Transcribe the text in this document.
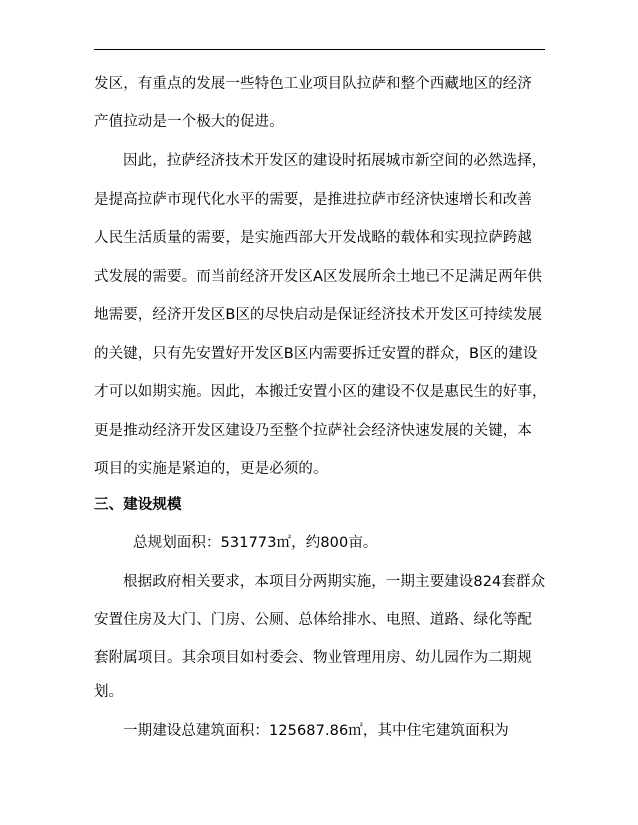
发区，有重点的发展一些特色工业项目队拉萨和整个西藏地区的经济
产值拉动是一个极大的促进。
因此，拉萨经济技术开发区的建设时拓展城市新空间的必然选择，
是提高拉萨市现代化水平的需要，是推进拉萨市经济快速增长和改善
人民生活质量的需要，是实施西部大开发战略的载体和实现拉萨跨越
式发展的需要。而当前经济开发区A区发展所余土地已不足满足两年供
地需要，经济开发区B区的尽快启动是保证经济技术开发区可持续发展
的关键，只有先安置好开发区B区内需要拆迁安置的群众，B区的建设
才可以如期实施。因此，本搬迁安置小区的建设不仅是惠民生的好事，
更是推动经济开发区建设乃至整个拉萨社会经济快速发展的关键，本
项目的实施是紧迫的，更是必须的。
三、建设规模
总规划面积：531773㎡，约800亩。
根据政府相关要求，本项目分两期实施，一期主要建设824套群众
安置住房及大门、门房、公厕、总体给排水、电照、道路、绿化等配
套附属项目。其余项目如村委会、物业管理用房、幼儿园作为二期规
划。
一期建设总建筑面积：125687.86㎡，其中住宅建筑面积为
